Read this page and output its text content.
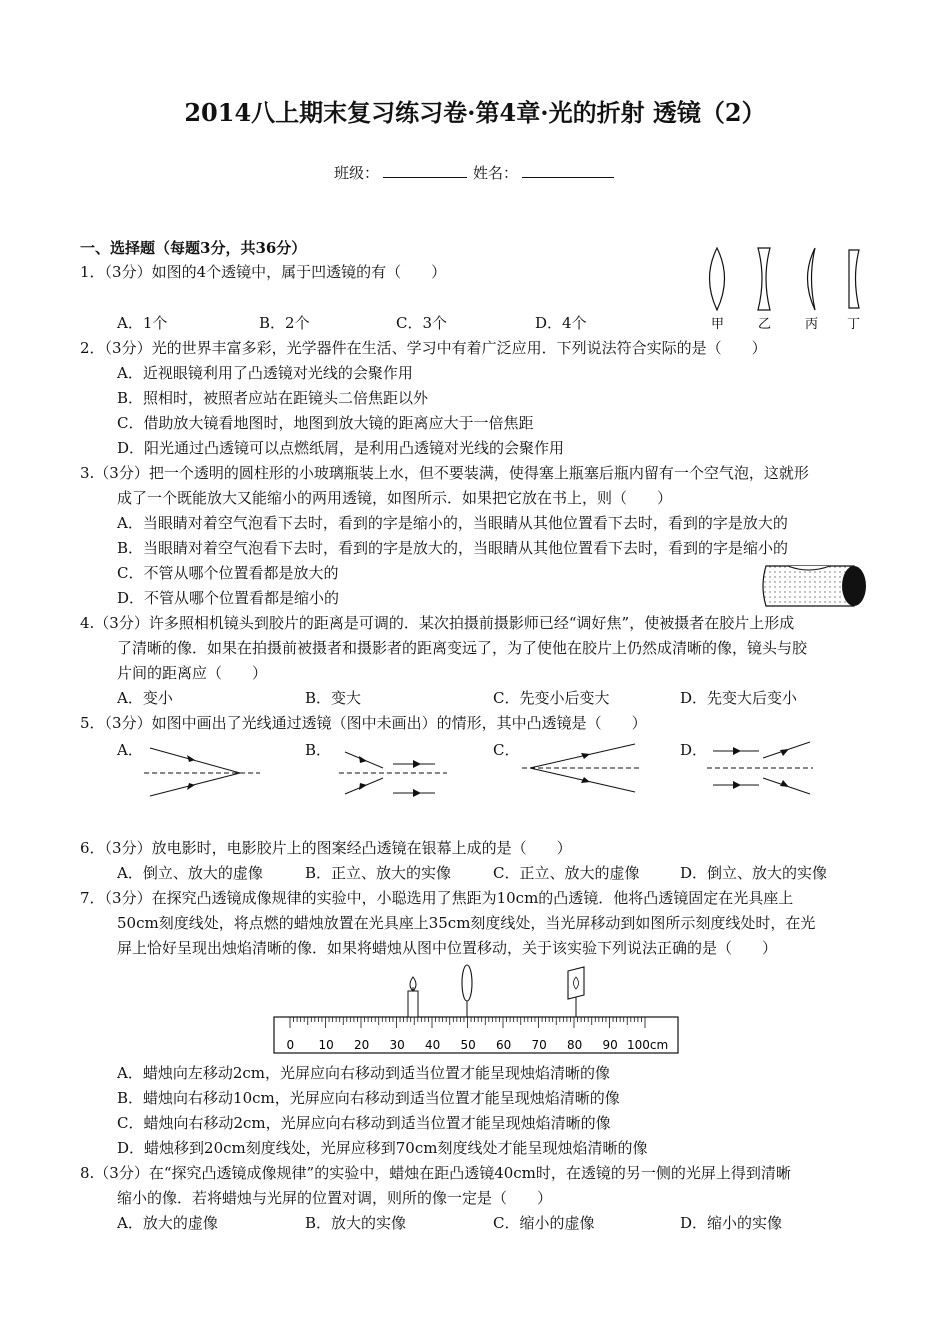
2014八上期末复习练习卷·第4章·光的折射 透镜（2）
班级：	姓名：
一、选择题（每题3分，共36分）
1．（3分）如图的4个透镜中，属于凹透镜的有（　　）
A．1个	B．2个	C．3个	D．4个	甲	乙	丙 丁
2．（3分）光的世界丰富多彩，光学器件在生活、学习中有着广泛应用．下列说法符合实际的是（　　）
A．近视眼镜利用了凸透镜对光线的会聚作用
B．照相时，被照者应站在距镜头二倍焦距以外
C．借助放大镜看地图时，地图到放大镜的距离应大于一倍焦距
D．阳光通过凸透镜可以点燃纸屑，是利用凸透镜对光线的会聚作用
3.（3分）把一个透明的圆柱形的小玻璃瓶装上水，但不要装满，使得塞上瓶塞后瓶内留有一个空气泡，这就形
成了一个既能放大又能缩小的两用透镜，如图所示．如果把它放在书上，则（　　）
A．当眼睛对着空气泡看下去时，看到的字是缩小的，当眼睛从其他位置看下去时，看到的字是放大的
B．当眼睛对着空气泡看下去时，看到的字是放大的，当眼睛从其他位置看下去时，看到的字是缩小的
C．不管从哪个位置看都是放大的
D．不管从哪个位置看都是缩小的
4.（3分）许多照相机镜头到胶片的距离是可调的．某次拍摄前摄影师已经“调好焦”，使被摄者在胶片上形成
了清晰的像．如果在拍摄前被摄者和摄影者的距离变远了，为了使他在胶片上仍然成清晰的像，镜头与胶
片间的距离应（　　）
A．变小	B．变大	C．先变小后变大	D．先变大后变小
5．（3分）如图中画出了光线通过透镜（图中未画出）的情形，其中凸透镜是（　　）
A．	B．	C．	D．
6．（3分）放电影时，电影胶片上的图案经凸透镜在银幕上成的是（　　）
A．倒立、放大的虚像	B．正立、放大的实像	C．正立、放大的虚像	D．倒立、放大的实像
7．（3分）在探究凸透镜成像规律的实验中，小聪选用了焦距为10cm的凸透镜．他将凸透镜固定在光具座上
50cm刻度线处，将点燃的蜡烛放置在光具座上35cm刻度线处，当光屏移动到如图所示刻度线处时，在光
屏上恰好呈现出烛焰清晰的像．如果将蜡烛从图中位置移动，关于该实验下列说法正确的是（　　）
0 10 20 30 40 50 60 70 80 90 100cm
A．蜡烛向左移动2cm，光屏应向右移动到适当位置才能呈现烛焰清晰的像
B．蜡烛向右移动10cm，光屏应向右移动到适当位置才能呈现烛焰清晰的像
C．蜡烛向右移动2cm，光屏应向右移动到适当位置才能呈现烛焰清晰的像
D．蜡烛移到20cm刻度线处，光屏应移到70cm刻度线处才能呈现烛焰清晰的像
8.（3分）在“探究凸透镜成像规律”的实验中，蜡烛在距凸透镜40cm时，在透镜的另一侧的光屏上得到清晰
缩小的像．若将蜡烛与光屏的位置对调，则所的像一定是（　　）
A．放大的虚像	B．放大的实像	C．缩小的虚像	D．缩小的实像
